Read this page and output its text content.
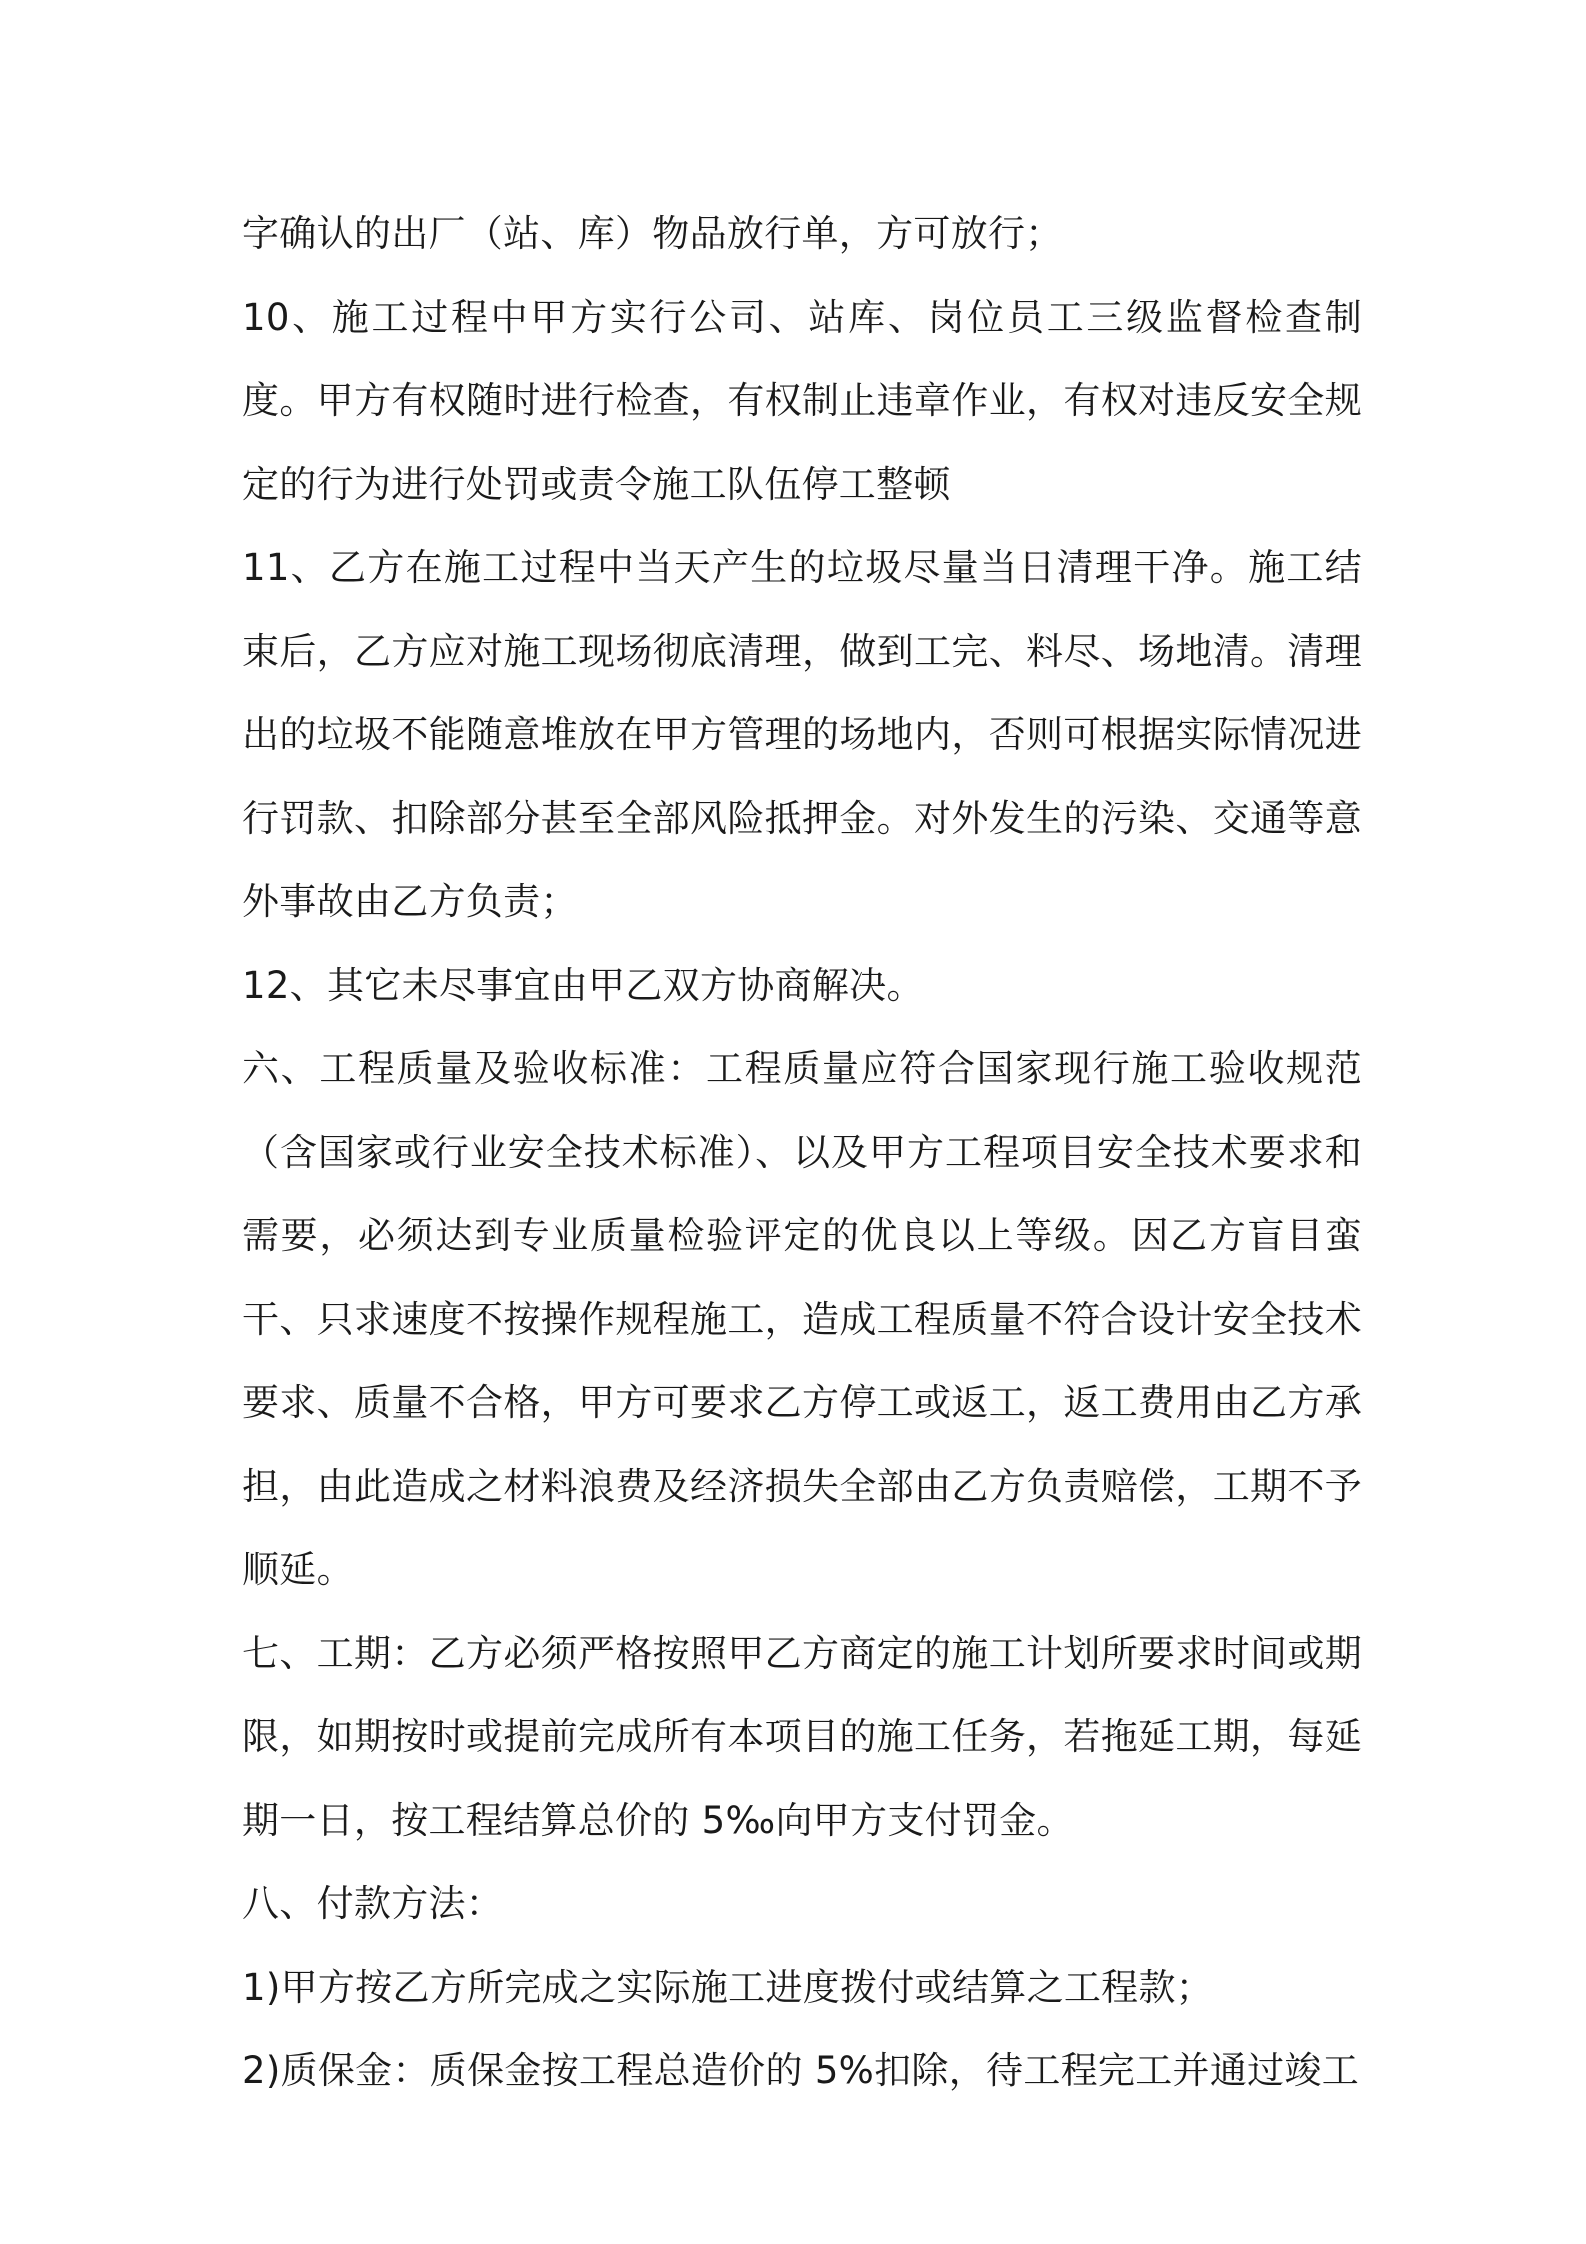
字确认的出厂（站、库）物品放行单，方可放行；

10、施工过程中甲方实行公司、站库、岗位员工三级监督检查制度。甲方有权随时进行检查，有权制止违章作业，有权对违反安全规定的行为进行处罚或责令施工队伍停工整顿

11、乙方在施工过程中当天产生的垃圾尽量当日清理干净。施工结束后，乙方应对施工现场彻底清理，做到工完、料尽、场地清。清理出的垃圾不能随意堆放在甲方管理的场地内，否则可根据实际情况进行罚款、扣除部分甚至全部风险抵押金。对外发生的污染、交通等意外事故由乙方负责；

12、其它未尽事宜由甲乙双方协商解决。

六、工程质量及验收标准：工程质量应符合国家现行施工验收规范（含国家或行业安全技术标准）、以及甲方工程项目安全技术要求和需要，必须达到专业质量检验评定的优良以上等级。因乙方盲目蛮干、只求速度不按操作规程施工，造成工程质量不符合设计安全技术要求、质量不合格，甲方可要求乙方停工或返工，返工费用由乙方承担，由此造成之材料浪费及经济损失全部由乙方负责赔偿，工期不予顺延。

七、工期：乙方必须严格按照甲乙方商定的施工计划所要求时间或期限，如期按时或提前完成所有本项目的施工任务，若拖延工期，每延期一日，按工程结算总价的 5‰向甲方支付罚金。

八、付款方法：

1)甲方按乙方所完成之实际施工进度拨付或结算之工程款；

2)质保金：质保金按工程总造价的 5%扣除，待工程完工并通过竣工
